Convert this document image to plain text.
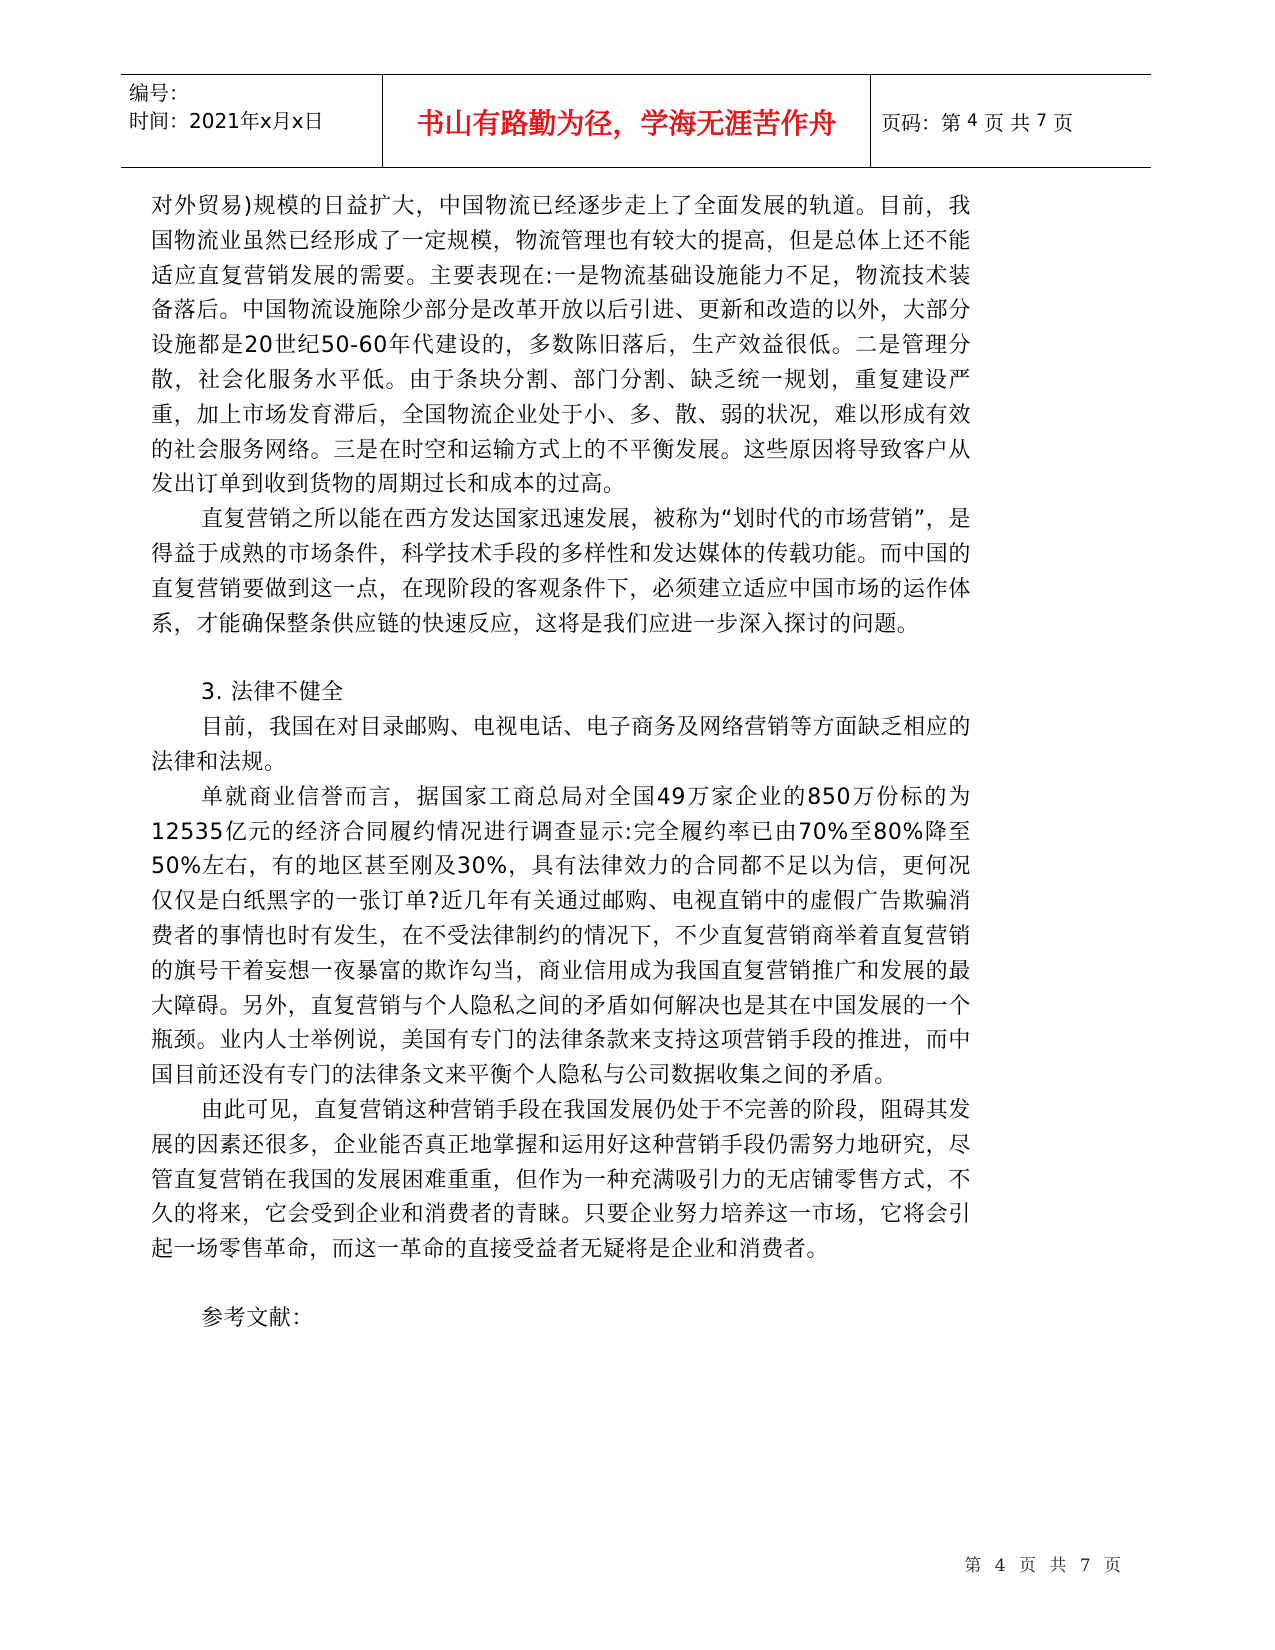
编号：
时间：2021年x月x日	书山有路勤为径，学海无涯苦作舟	页码：第 4 页 共 7 页

对外贸易)规模的日益扩大，中国物流已经逐步走上了全面发展的轨道。目前，我国物流业虽然已经形成了一定规模，物流管理也有较大的提高，但是总体上还不能适应直复营销发展的需要。主要表现在:一是物流基础设施能力不足，物流技术装备落后。中国物流设施除少部分是改革开放以后引进、更新和改造的以外，大部分设施都是20世纪50-60年代建设的，多数陈旧落后，生产效益很低。二是管理分散，社会化服务水平低。由于条块分割、部门分割、缺乏统一规划，重复建设严重，加上市场发育滞后，全国物流企业处于小、多、散、弱的状况，难以形成有效的社会服务网络。三是在时空和运输方式上的不平衡发展。这些原因将导致客户从发出订单到收到货物的周期过长和成本的过高。

直复营销之所以能在西方发达国家迅速发展，被称为“划时代的市场营销”，是得益于成熟的市场条件，科学技术手段的多样性和发达媒体的传载功能。而中国的直复营销要做到这一点，在现阶段的客观条件下，必须建立适应中国市场的运作体系，才能确保整条供应链的快速反应，这将是我们应进一步深入探讨的问题。

3. 法律不健全

目前，我国在对目录邮购、电视电话、电子商务及网络营销等方面缺乏相应的法律和法规。

单就商业信誉而言，据国家工商总局对全国49万家企业的850万份标的为12535亿元的经济合同履约情况进行调查显示:完全履约率已由70%至80%降至50%左右，有的地区甚至刚及30%，具有法律效力的合同都不足以为信，更何况仅仅是白纸黑字的一张订单?近几年有关通过邮购、电视直销中的虚假广告欺骗消费者的事情也时有发生，在不受法律制约的情况下，不少直复营销商举着直复营销的旗号干着妄想一夜暴富的欺诈勾当，商业信用成为我国直复营销推广和发展的最大障碍。另外，直复营销与个人隐私之间的矛盾如何解决也是其在中国发展的一个瓶颈。业内人士举例说，美国有专门的法律条款来支持这项营销手段的推进，而中国目前还没有专门的法律条文来平衡个人隐私与公司数据收集之间的矛盾。

由此可见，直复营销这种营销手段在我国发展仍处于不完善的阶段，阻碍其发展的因素还很多，企业能否真正地掌握和运用好这种营销手段仍需努力地研究，尽管直复营销在我国的发展困难重重，但作为一种充满吸引力的无店铺零售方式，不久的将来，它会受到企业和消费者的青睐。只要企业努力培养这一市场，它将会引起一场零售革命，而这一革命的直接受益者无疑将是企业和消费者。

参考文献：

第 4 页 共 7 页
